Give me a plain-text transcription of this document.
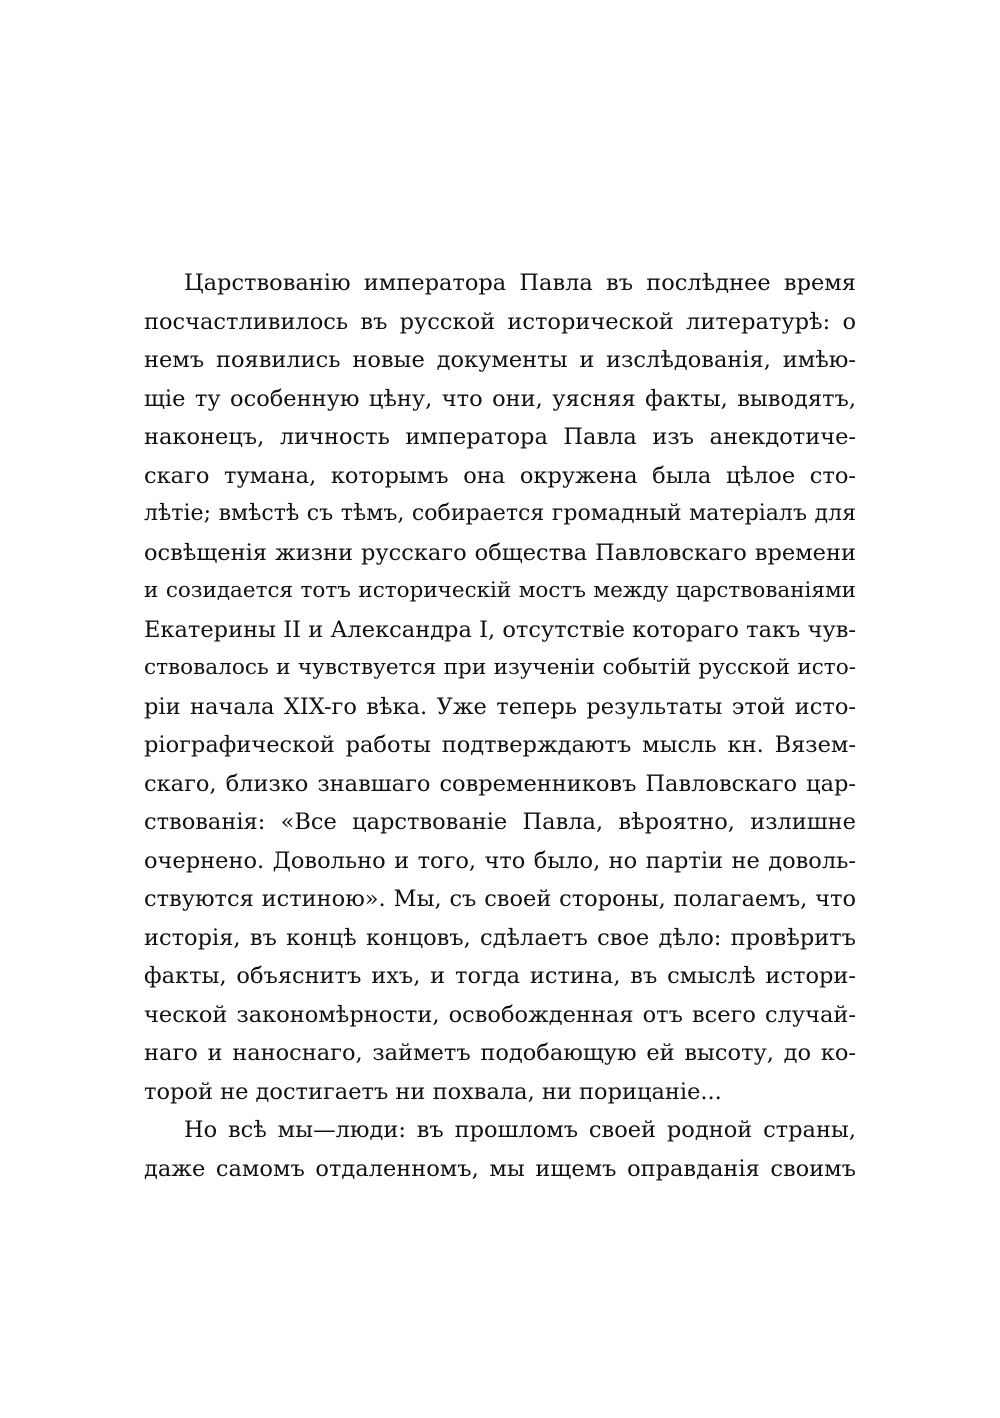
Царствованію императора Павла въ послѣднее время
посчастливилось въ русской исторической литературѣ: о
немъ появились новые документы и изслѣдованія, имѣю-
щіе ту особенную цѣну, что они, уясняя факты, выводятъ,
наконецъ, личность императора Павла изъ анекдотиче-
скаго тумана, которымъ она окружена была цѣлое сто-
лѣтіе; вмѣстѣ съ тѣмъ, собирается громадный матеріалъ для
освѣщенія жизни русскаго общества Павловскаго времени
и созидается тотъ историческій мостъ между царствованіями
Екатерины II и Александра I, отсутствіе котораго такъ чув-
ствовалось и чувствуется при изученіи событій русской исто-
ріи начала XIX-го вѣка. Уже теперь результаты этой исто-
ріографической работы подтверждаютъ мысль кн. Вязем-
скаго, близко знавшаго современниковъ Павловскаго цар-
ствованія: «Все царствованіе Павла, вѣроятно, излишне
очернено. Довольно и того, что было, но партіи не доволь-
ствуются истиною». Мы, съ своей стороны, полагаемъ, что
исторія, въ концѣ концовъ, сдѣлаетъ свое дѣло: провѣритъ
факты, объяснитъ ихъ, и тогда истина, въ смыслѣ истори-
ческой закономѣрности, освобожденная отъ всего случай-
наго и наноснаго, займетъ подобающую ей высоту, до ко-
торой не достигаетъ ни похвала, ни порицаніе...
Но всѣ мы—люди: въ прошломъ своей родной страны,
даже самомъ отдаленномъ, мы ищемъ оправданія своимъ
